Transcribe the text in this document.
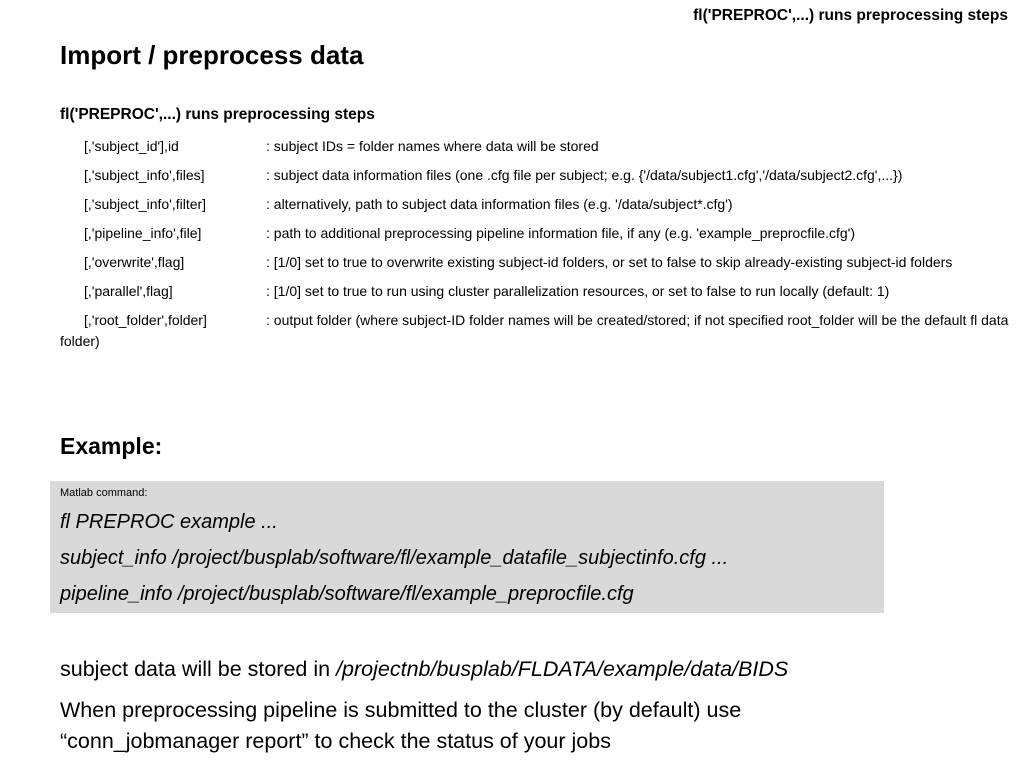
fl('PREPROC',...) runs preprocessing steps
Import / preprocess data
fl('PREPROC',...) runs preprocessing steps
[,'subject_id'],id	: subject IDs = folder names where data will be stored
[,'subject_info',files]	: subject data information files (one .cfg file per subject; e.g. {'/data/subject1.cfg','/data/subject2.cfg',...})
[,'subject_info',filter]	: alternatively, path to subject data information files (e.g. '/data/subject*.cfg')
[,'pipeline_info',file]	: path to additional preprocessing pipeline information file, if any (e.g. 'example_preprocfile.cfg')
[,'overwrite',flag]	: [1/0] set to true to overwrite existing subject-id folders, or set to false to skip already-existing subject-id folders
[,'parallel',flag]	: [1/0] set to true to run using cluster parallelization resources, or set to false to run locally (default: 1)
[,'root_folder',folder]	: output folder (where subject-ID folder names will be created/stored; if not specified root_folder will be the default fl data folder)
Example:
Matlab command:
fl PREPROC example ...
subject_info /project/busplab/software/fl/example_datafile_subjectinfo.cfg ...
pipeline_info /project/busplab/software/fl/example_preprocfile.cfg
subject data will be stored in /projectnb/busplab/FLDATA/example/data/BIDS
When preprocessing pipeline is submitted to the cluster (by default) use
“conn_jobmanager report” to check the status of your jobs
